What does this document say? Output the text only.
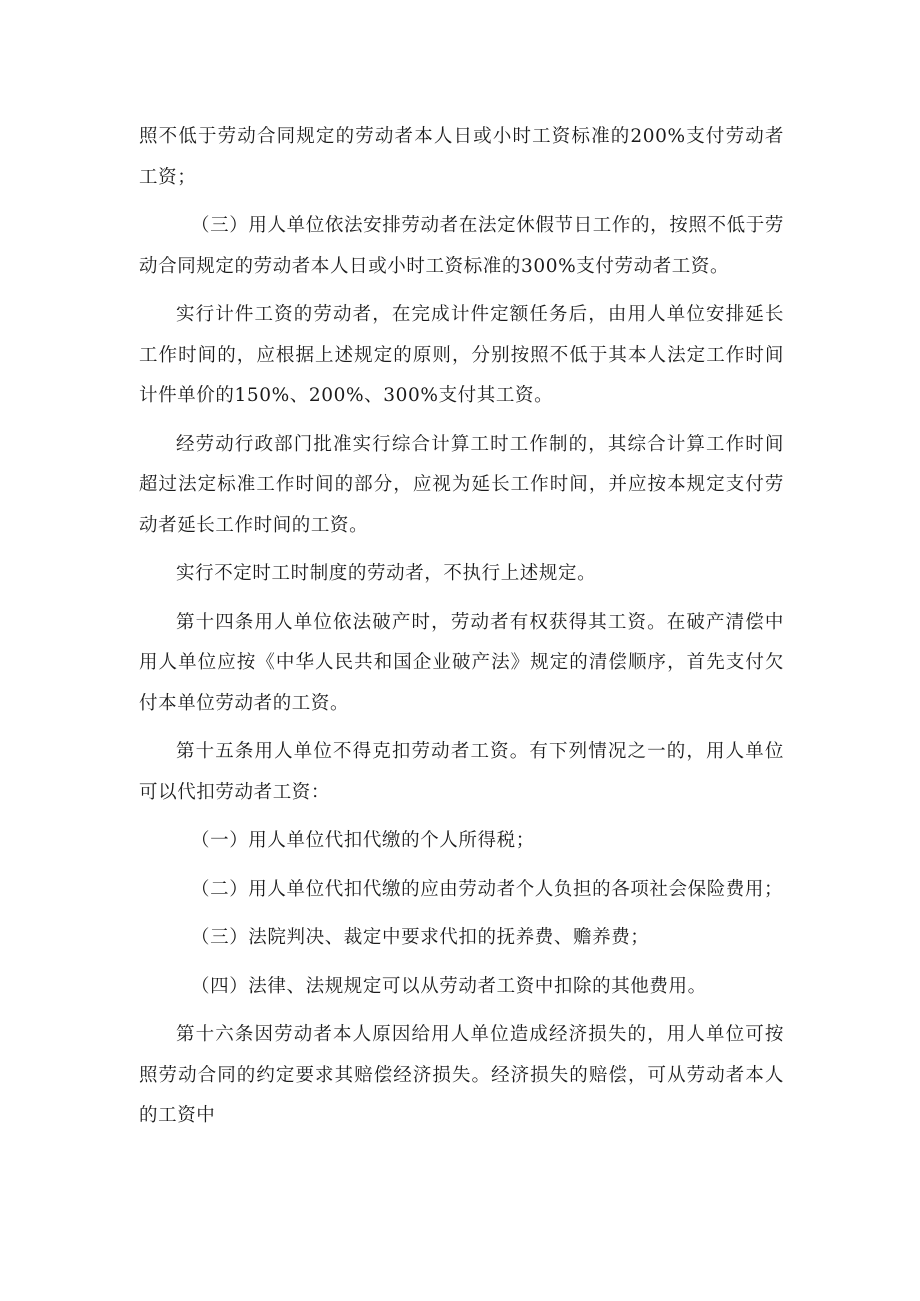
照不低于劳动合同规定的劳动者本人日或小时工资标准的200%支付劳动者工资；

（三）用人单位依法安排劳动者在法定休假节日工作的，按照不低于劳动合同规定的劳动者本人日或小时工资标准的300%支付劳动者工资。

实行计件工资的劳动者，在完成计件定额任务后，由用人单位安排延长工作时间的，应根据上述规定的原则，分别按照不低于其本人法定工作时间计件单价的150%、200%、300%支付其工资。

经劳动行政部门批准实行综合计算工时工作制的，其综合计算工作时间超过法定标准工作时间的部分，应视为延长工作时间，并应按本规定支付劳动者延长工作时间的工资。

实行不定时工时制度的劳动者，不执行上述规定。

第十四条用人单位依法破产时，劳动者有权获得其工资。在破产清偿中用人单位应按《中华人民共和国企业破产法》规定的清偿顺序，首先支付欠付本单位劳动者的工资。

第十五条用人单位不得克扣劳动者工资。有下列情况之一的，用人单位可以代扣劳动者工资：

（一）用人单位代扣代缴的个人所得税；

（二）用人单位代扣代缴的应由劳动者个人负担的各项社会保险费用；

（三）法院判决、裁定中要求代扣的抚养费、赡养费；

（四）法律、法规规定可以从劳动者工资中扣除的其他费用。

第十六条因劳动者本人原因给用人单位造成经济损失的，用人单位可按照劳动合同的约定要求其赔偿经济损失。经济损失的赔偿，可从劳动者本人的工资中
